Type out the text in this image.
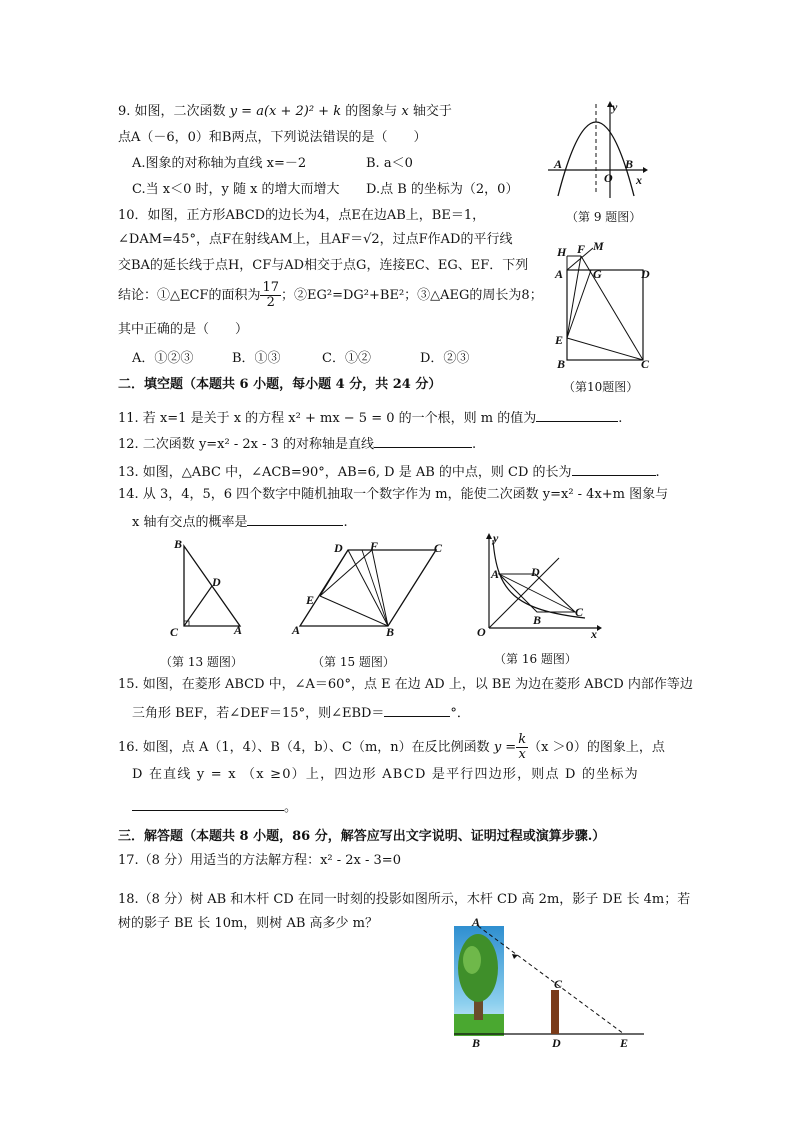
9. 如图，二次函数 y = a(x + 2)² + k 的图象与 x 轴交于
点A（－6，0）和B两点，下列说法错误的是（　　）
A.图象的对称轴为直线 x=－2	B. a＜0
C.当 x＜0 时，y 随 x 的增大而增大 D.点 B 的坐标为（2，0）
y
A
O
B
x
（第 9 题图）
10．如图，正方形ABCD的边长为4，点E在边AB上，BE＝1，
∠DAM=45°，点F在射线AM上，且AF＝√2，过点F作AD的平行线
交BA的延长线于点H，CF与AD相交于点G，连接EC、EG、EF．下列
结论：①△ECF的面积为 $\frac{17}{2}$ ；②EG²=DG²+BE²；③△AEG的周长为8；
其中正确的是（　　）
A．①②③	B．①③	C．①②	D．②③
H F M
A G	D
E
B	C
（第10题图）
二．填空题（本题共 6 小题，每小题 4 分，共 24 分）
11. 若 x=1 是关于 x 的方程 x² + mx − 5 = 0 的一个根，则 m 的值为	.
12. 二次函数 y=x² - 2x - 3 的对称轴是直线	.
13. 如图，△ABC 中，∠ACB=90°，AB=6, D 是 AB 的中点，则 CD 的长为	.
14. 从 3，4，5，6 四个数字中随机抽取一个数字作为 m，能使二次函数 y=x² - 4x+m 图象与
x 轴有交点的概率是	.
B
D
C	A
（第 13 题图）
D F	C
E
A	B
（第 15 题图）
y
A	D
B
C
O	x
（第 16 题图）
15. 如图，在菱形 ABCD 中，∠A＝60°，点 E 在边 AD 上，以 BE 为边在菱形 ABCD 内部作等边
三角形 BEF，若∠DEF＝15°，则∠EBD＝	°．
16. 如图，点 A（1，4）、B（4，b）、C（m，n）在反比例函数 $y = \frac{k}{x} (x >0)$的图象上，点
D 在直线 y = x （x ≥0）上，四边形 ABCD 是平行四边形，则点 D 的坐标为
。
三．解答题（本题共 8 小题，86 分，解答应写出文字说明、证明过程或演算步骤.）
17.（8 分）用适当的方法解方程：x² - 2x - 3=0
18.（8 分）树 AB 和木杆 CD 在同一时刻的投影如图所示，木杆 CD 高 2m，影子 DE 长 4m；若
树的影子 BE 长 10m，则树 AB 高多少 m？	A
C
B	D	E
